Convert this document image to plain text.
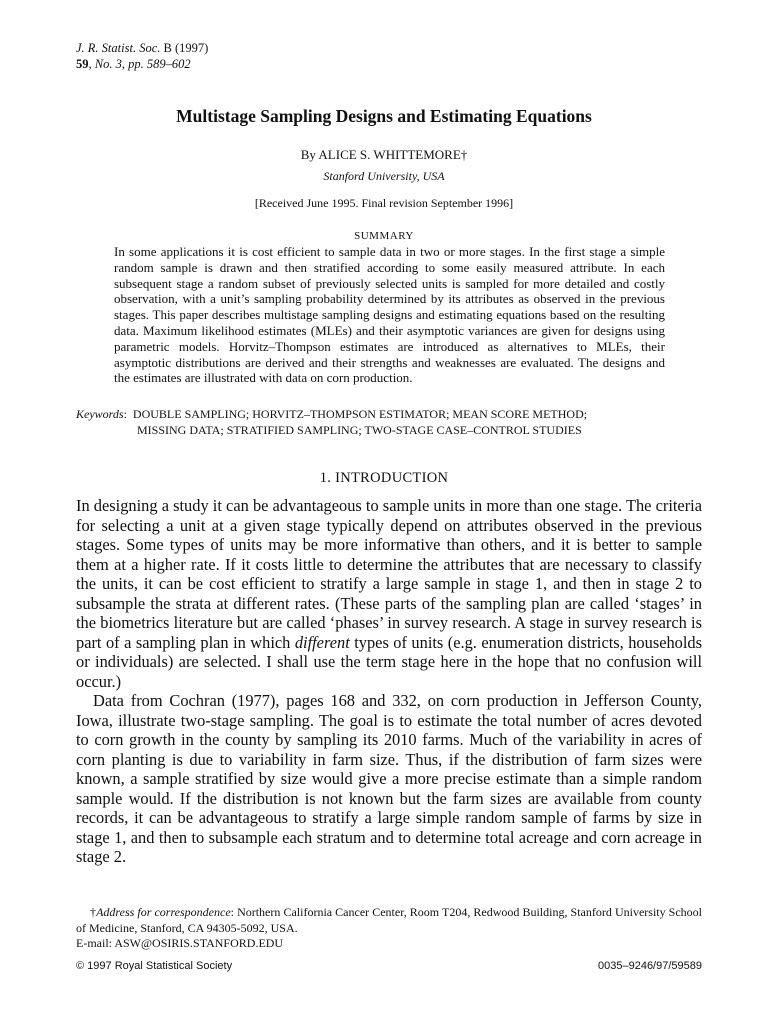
J. R. Statist. Soc. B (1997)
59, No. 3, pp. 589–602
Multistage Sampling Designs and Estimating Equations
By ALICE S. WHITTEMORE†
Stanford University, USA
[Received June 1995. Final revision September 1996]
SUMMARY
In some applications it is cost efficient to sample data in two or more stages. In the first stage a simple random sample is drawn and then stratified according to some easily measured attribute. In each subsequent stage a random subset of previously selected units is sampled for more detailed and costly observation, with a unit’s sampling probability determined by its attributes as observed in the previous stages. This paper describes multistage sampling designs and estimating equations based on the resulting data. Maximum likelihood estimates (MLEs) and their asymptotic variances are given for designs using parametric models. Horvitz–Thompson estimates are introduced as alternatives to MLEs, their asymptotic distributions are derived and their strengths and weaknesses are evaluated. The designs and the estimates are illustrated with data on corn production.
Keywords:  DOUBLE SAMPLING; HORVITZ–THOMPSON ESTIMATOR; MEAN SCORE METHOD;
MISSING DATA; STRATIFIED SAMPLING; TWO-STAGE CASE–CONTROL STUDIES
1. INTRODUCTION

In designing a study it can be advantageous to sample units in more than one stage. The criteria for selecting a unit at a given stage typically depend on attributes observed in the previous stages. Some types of units may be more informative than others, and it is better to sample them at a higher rate. If it costs little to determine the attributes that are necessary to classify the units, it can be cost efficient to stratify a large sample in stage 1, and then in stage 2 to subsample the strata at different rates. (These parts of the sampling plan are called ‘stages’ in the biometrics literature but are called ‘phases’ in survey research. A stage in survey research is part of a sampling plan in which different types of units (e.g. enumeration districts, households or individuals) are selected. I shall use the term stage here in the hope that no confusion will occur.)

Data from Cochran (1977), pages 168 and 332, on corn production in Jefferson County, Iowa, illustrate two-stage sampling. The goal is to estimate the total number of acres devoted to corn growth in the county by sampling its 2010 farms. Much of the variability in acres of corn planting is due to variability in farm size. Thus, if the distribution of farm sizes were known, a sample stratified by size would give a more precise estimate than a simple random sample would. If the distribution is not known but the farm sizes are available from county records, it can be advantageous to stratify a large simple random sample of farms by size in stage 1, and then to subsample each stratum and to determine total acreage and corn acreage in stage 2.

†Address for correspondence: Northern California Cancer Center, Room T204, Redwood Building, Stanford University School of Medicine, Stanford, CA 94305-5092, USA.
E-mail: ASW@OSIRIS.STANFORD.EDU
© 1997 Royal Statistical Society	0035–9246/97/59589
